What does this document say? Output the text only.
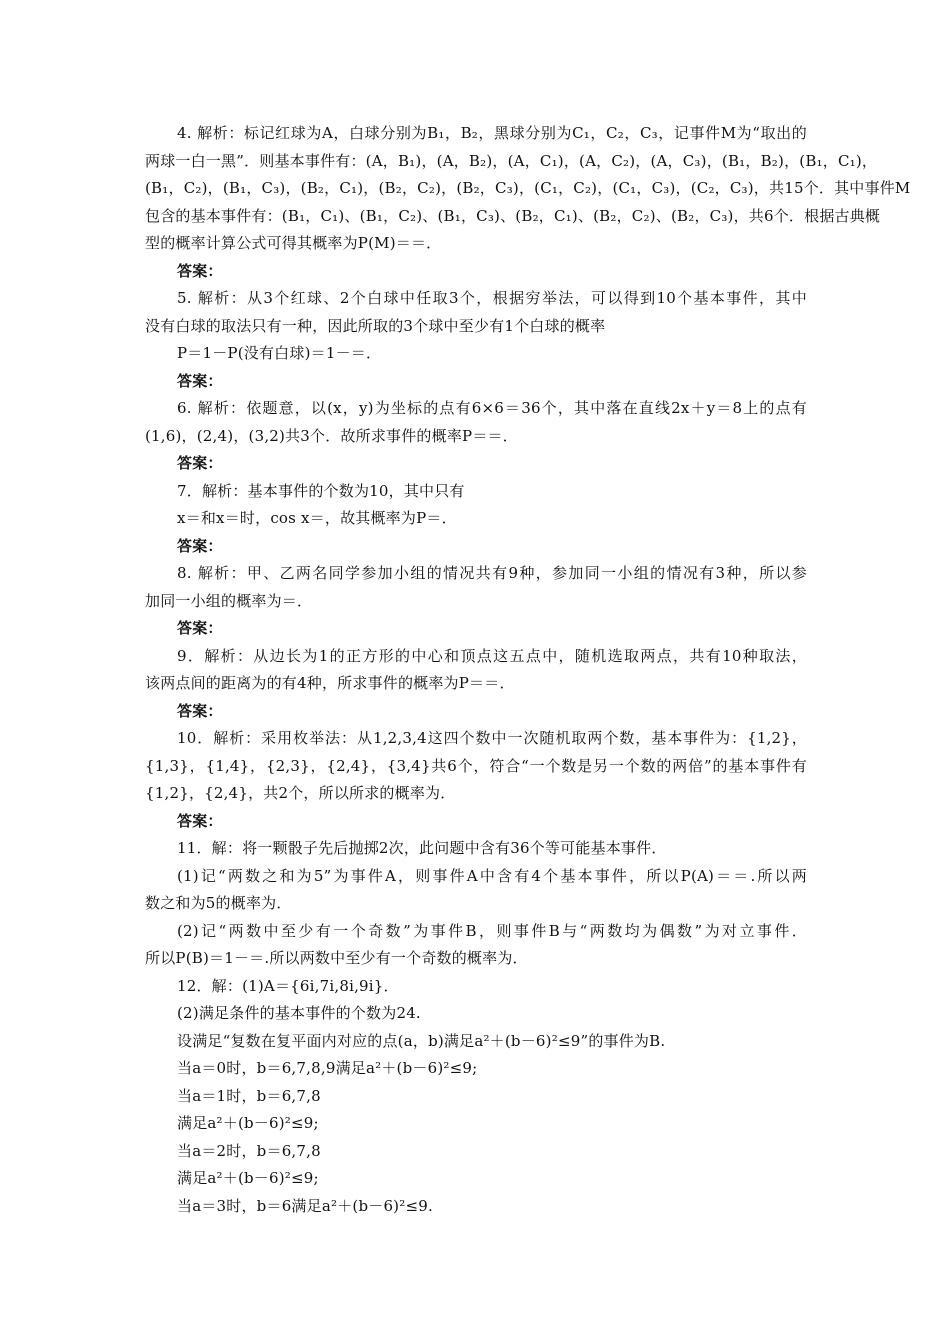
4. 解析：标记红球为A，白球分别为B₁，B₂，黑球分别为C₁，C₂，C₃，记事件M为“取出的
两球一白一黑”．则基本事件有：(A，B₁)，(A，B₂)，(A，C₁)，(A，C₂)，(A，C₃)，(B₁，B₂)，(B₁，C₁)，
(B₁，C₂)，(B₁，C₃)，(B₂，C₁)，(B₂，C₂)，(B₂，C₃)，(C₁，C₂)，(C₁，C₃)，(C₂，C₃)，共15个．其中事件M
包含的基本事件有：(B₁，C₁)、(B₁，C₂)、(B₁，C₃)、(B₂，C₁)、(B₂，C₂)、(B₂，C₃)，共6个．根据古典概
型的概率计算公式可得其概率为P(M)＝＝．
答案：
5. 解析：从3个红球、2个白球中任取3个，根据穷举法，可以得到10个基本事件，其中
没有白球的取法只有一种，因此所取的3个球中至少有1个白球的概率
P＝1－P(没有白球)＝1－＝．
答案：
6. 解析：依题意，以(x，y)为坐标的点有6×6＝36个，其中落在直线2x＋y＝8上的点有
(1,6)，(2,4)，(3,2)共3个．故所求事件的概率P＝＝．
答案：
7．解析：基本事件的个数为10，其中只有
x＝和x＝时，cos x＝，故其概率为P＝．
答案：
8. 解析：甲、乙两名同学参加小组的情况共有9种，参加同一小组的情况有3种，所以参
加同一小组的概率为＝．
答案：
9．解析：从边长为1的正方形的中心和顶点这五点中，随机选取两点，共有10种取法，
该两点间的距离为的有4种，所求事件的概率为P＝＝．
答案：
10．解析：采用枚举法：从1,2,3,4这四个数中一次随机取两个数，基本事件为：{1,2}，
{1,3}，{1,4}，{2,3}，{2,4}，{3,4}共6个，符合“一个数是另一个数的两倍”的基本事件有
{1,2}，{2,4}，共2个，所以所求的概率为．
答案：
11．解：将一颗骰子先后抛掷2次，此问题中含有36个等可能基本事件．
(1)记“两数之和为5”为事件A，则事件A中含有4个基本事件，所以P(A)＝＝.所以两
数之和为5的概率为．
(2)记“两数中至少有一个奇数”为事件B，则事件B与“两数均为偶数”为对立事件．
所以P(B)＝1－＝.所以两数中至少有一个奇数的概率为．
12．解：(1)A＝{6i,7i,8i,9i}．
(2)满足条件的基本事件的个数为24.
设满足“复数在复平面内对应的点(a，b)满足a²＋(b－6)²≤9”的事件为B.
当a＝0时，b＝6,7,8,9满足a²＋(b－6)²≤9;
当a＝1时，b＝6,7,8
满足a²＋(b－6)²≤9;
当a＝2时，b＝6,7,8
满足a²＋(b－6)²≤9;
当a＝3时，b＝6满足a²＋(b－6)²≤9.
